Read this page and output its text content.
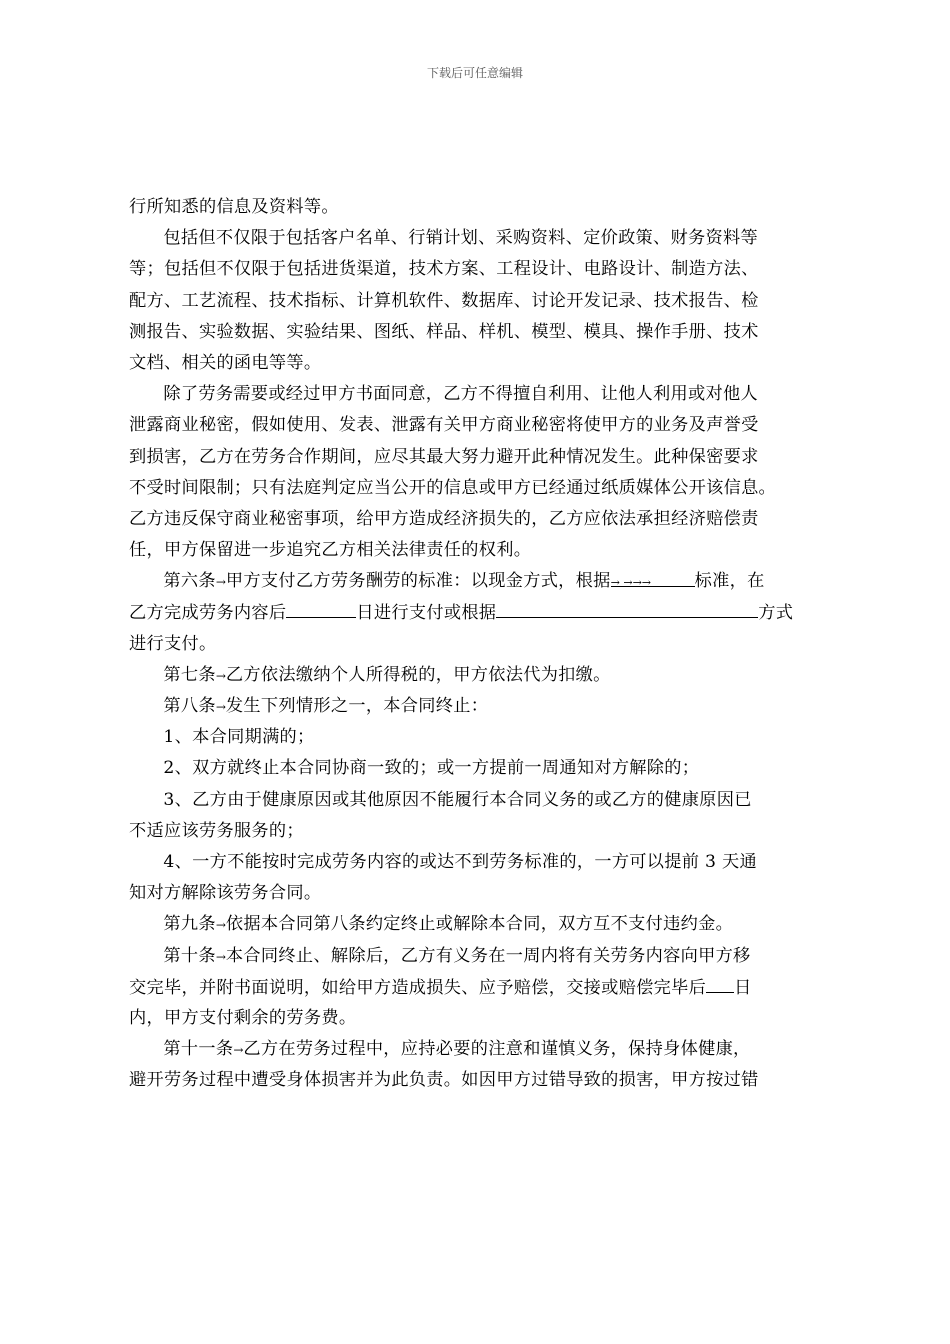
下载后可任意编辑
行所知悉的信息及资料等。
包括但不仅限于包括客户名单、行销计划、采购资料、定价政策、财务资料等
等；包括但不仅限于包括进货渠道，技术方案、工程设计、电路设计、制造方法、
配方、工艺流程、技术指标、计算机软件、数据库、讨论开发记录、技术报告、检
测报告、实验数据、实验结果、图纸、样品、样机、模型、模具、操作手册、技术
文档、相关的函电等等。
除了劳务需要或经过甲方书面同意，乙方不得擅自利用、让他人利用或对他人
泄露商业秘密，假如使用、发表、泄露有关甲方商业秘密将使甲方的业务及声誉受
到损害，乙方在劳务合作期间，应尽其最大努力避开此种情况发生。此种保密要求
不受时间限制；只有法庭判定应当公开的信息或甲方已经通过纸质媒体公开该信息。
乙方违反保守商业秘密事项，给甲方造成经济损失的，乙方应依法承担经济赔偿责
任，甲方保留进一步追究乙方相关法律责任的权利。
第六条→甲方支付乙方劳务酬劳的标准：以现金方式，根据→ →→→	标准，在
乙方完成劳务内容后	日进行支付或根据	方式
进行支付。
第七条→乙方依法缴纳个人所得税的，甲方依法代为扣缴。
第八条→发生下列情形之一，本合同终止：
1、本合同期满的；
2、双方就终止本合同协商一致的；或一方提前一周通知对方解除的；
3、乙方由于健康原因或其他原因不能履行本合同义务的或乙方的健康原因已
不适应该劳务服务的；
4、一方不能按时完成劳务内容的或达不到劳务标准的，一方可以提前 3 天通
知对方解除该劳务合同。
第九条→依据本合同第八条约定终止或解除本合同，双方互不支付违约金。
第十条→本合同终止、解除后，乙方有义务在一周内将有关劳务内容向甲方移
交完毕，并附书面说明，如给甲方造成损失、应予赔偿，交接或赔偿完毕后 日
内，甲方支付剩余的劳务费。
第十一条→乙方在劳务过程中，应持必要的注意和谨慎义务，保持身体健康，
避开劳务过程中遭受身体损害并为此负责。如因甲方过错导致的损害，甲方按过错
